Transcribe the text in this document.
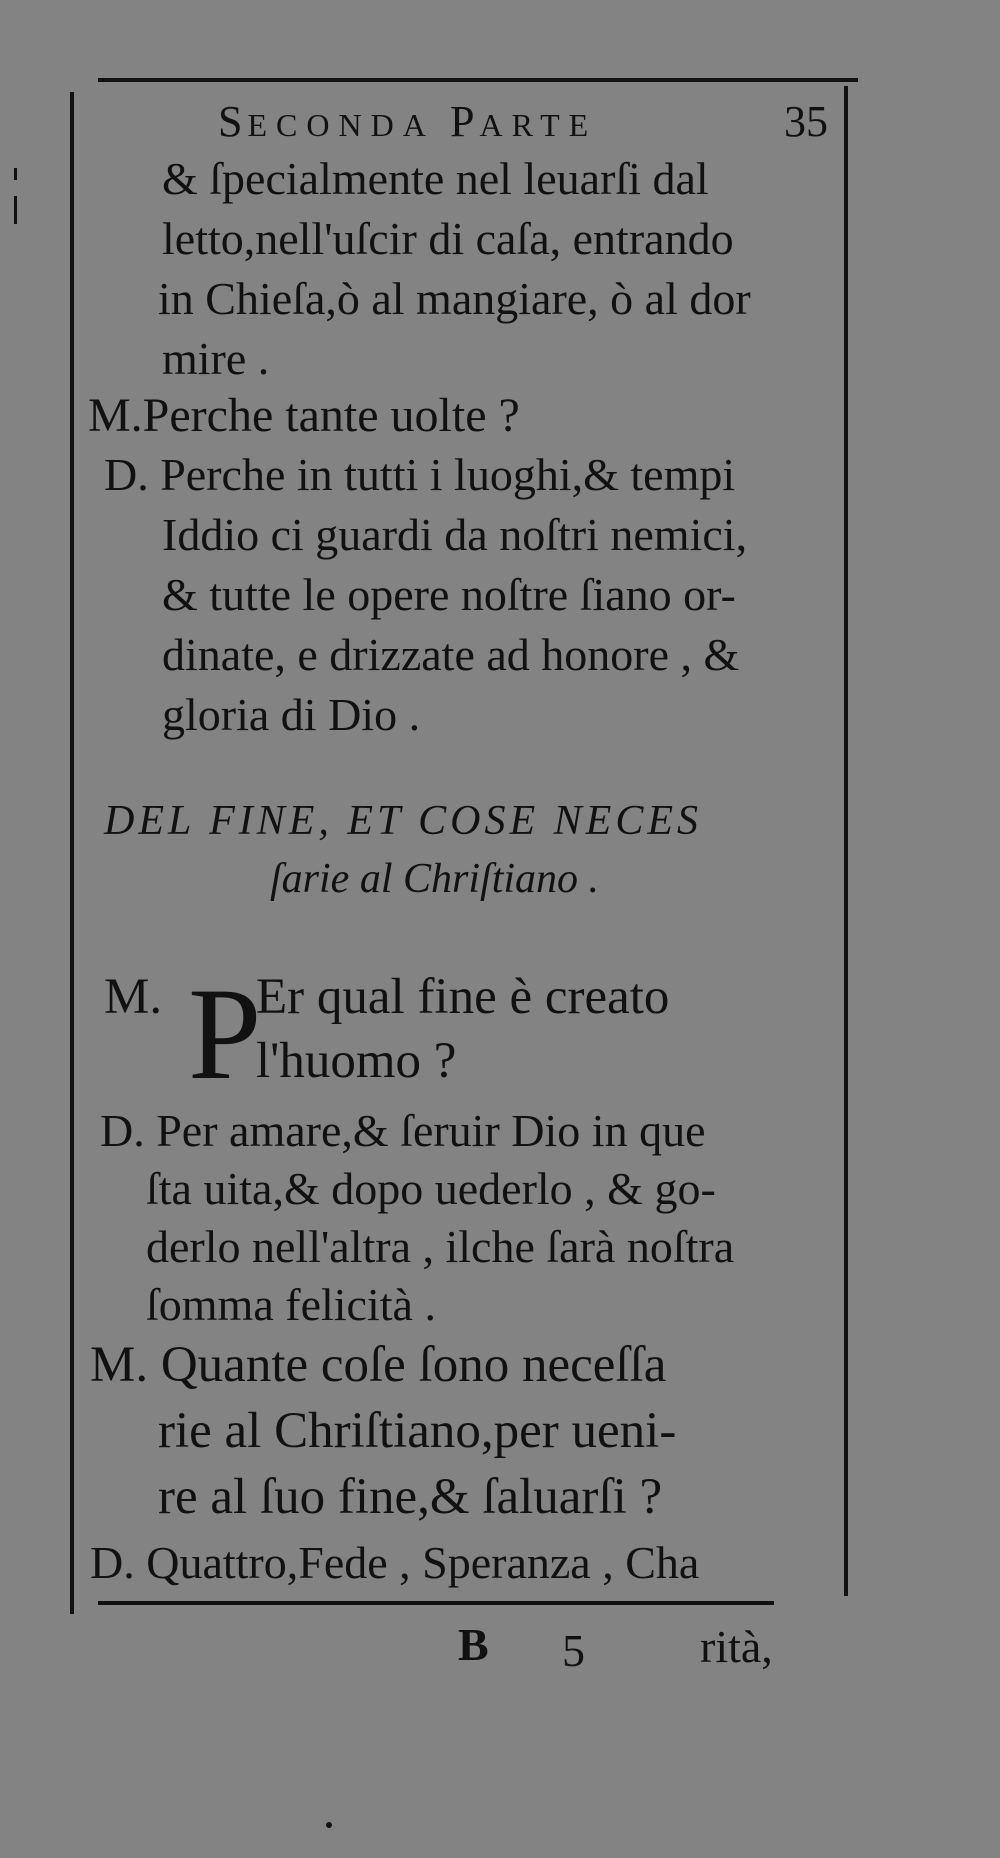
SECONDA PARTE	35
& ſpecialmente nel leuarſi dal
letto,nell'uſcir di caſa, entrando
in Chieſa,ò al mangiare, ò al dor
mire .
M.Perche tante uolte ?
D. Perche in tutti i luoghi,& tempi
Iddio ci guardi da noſtri nemici,
& tutte le opere noſtre ſiano or-
dinate, e drizzate ad honore , &
gloria di Dio .
DEL FINE, ET COSE NECES
ſarie al Chriſtiano .
M. P
Er qual fine è creato
l'huomo ?
D. Per amare,& ſeruir Dio in que
ſta uita,& dopo uederlo , & go-
derlo nell'altra , ilche ſarà noſtra
ſomma felicità .
M. Quante coſe ſono neceſſa
rie al Chriſtiano,per ueni-
re al ſuo fine,& ſaluarſi ?
D. Quattro,Fede , Speranza , Cha
B 5	rità,
